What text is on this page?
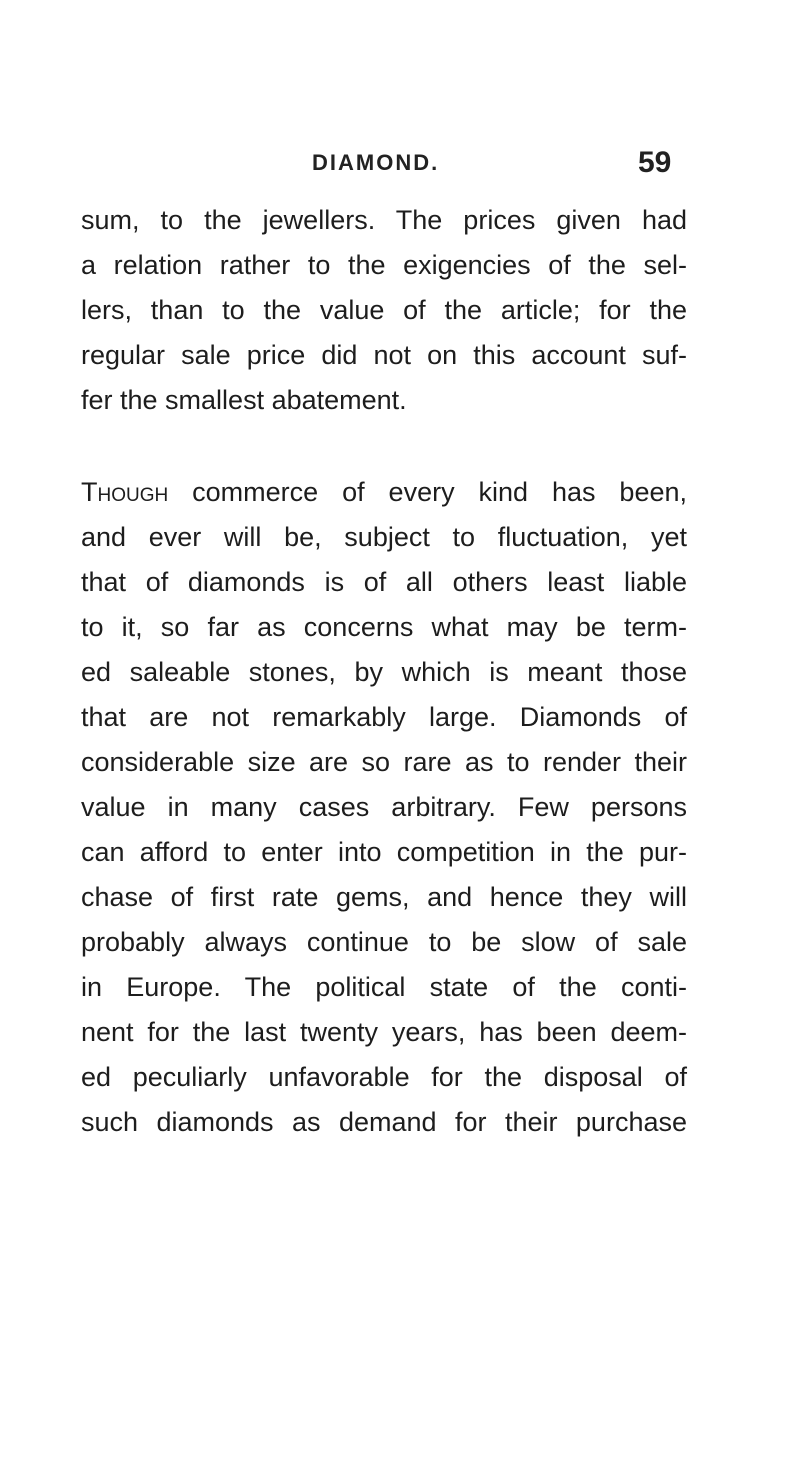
DIAMOND.	59
sum, to the jewellers. The prices given had
a relation rather to the exigencies of the sel-
lers, than to the value of the article; for the
regular sale price did not on this account suf-
fer the smallest abatement.
Though commerce of every kind has been,
and ever will be, subject to fluctuation, yet
that of diamonds is of all others least liable
to it, so far as concerns what may be term-
ed saleable stones, by which is meant those
that are not remarkably large. Diamonds of
considerable size are so rare as to render their
value in many cases arbitrary. Few persons
can afford to enter into competition in the pur-
chase of first rate gems, and hence they will
probably always continue to be slow of sale
in Europe. The political state of the conti-
nent for the last twenty years, has been deem-
ed peculiarly unfavorable for the disposal of
such diamonds as demand for their purchase
